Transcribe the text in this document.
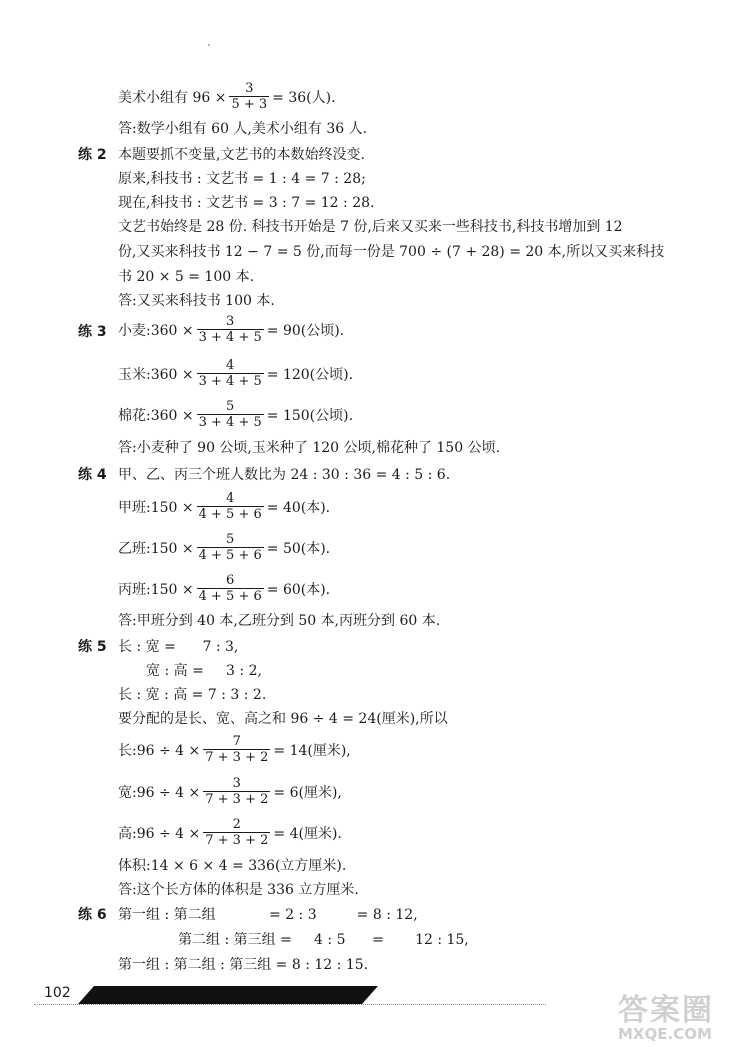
美术小组有 $96 \times \frac{3}{5 + 3} = 36$(人).
答:数学小组有 60 人,美术小组有 36 人.
练 2 本题要抓不变量,文艺书的本数始终没变.
原来,科技书 : 文艺书 = 1 : 4 = 7 : 28;
现在,科技书 : 文艺书 = 3 : 7 = 12 : 28.
文艺书始终是 28 份. 科技书开始是 7 份,后来又买来一些科技书,科技书增加到 12
份,又买来科技书 12 − 7 = 5 份,而每一份是 700 ÷ (7 + 28) = 20 本,所以又买来科技
书 20 × 5 = 100 本.
答:又买来科技书 100 本.
练 3 小麦:360 × $\frac{3}{3 + 4 + 5} = 90$(公顷).
玉米:360 × $\frac{4}{3 + 4 + 5} = 120$(公顷).
棉花:360 × $\frac{5}{3 + 4 + 5} = 150$(公顷).
答:小麦种了 90 公顷,玉米种了 120 公顷,棉花种了 150 公顷.
练 4 甲、乙、丙三个班人数比为 24 : 30 : 36 = 4 : 5 : 6.
甲班:150 × $\frac{4}{4 + 5 + 6} = 40$(本).
乙班:150 × $\frac{5}{4 + 5 + 6} = 50$(本).
丙班:150 × $\frac{6}{4 + 5 + 6} = 60$(本).
答:甲班分到 40 本,乙班分到 50 本,丙班分到 60 本.
练 5 长 : 宽 =      7 : 3,
宽 : 高 =     3 : 2,
长 : 宽 : 高 = 7 : 3 : 2.
要分配的是长、宽、高之和 96 ÷ 4 = 24(厘米),所以
长:96 ÷ $4 \times \frac{7}{7 + 3 + 2} = 14$(厘米),
宽:96 ÷ $4 \times \frac{3}{7 + 3 + 2} = 6$(厘米),
高:96 ÷ $4 \times \frac{2}{7 + 3 + 2} = 4$(厘米).
体积:14 × 6 × 4 = 336(立方厘米).
答:这个长方体的体积是 336 立方厘米.
练 6 第一组 : 第二组            = 2 : 3         = 8 : 12,
第二组 : 第三组 =     4 : 5      =       12 : 15,
第一组 : 第二组 : 第三组 = 8 : 12 : 15.
102	答案圈
MXQE.COM
